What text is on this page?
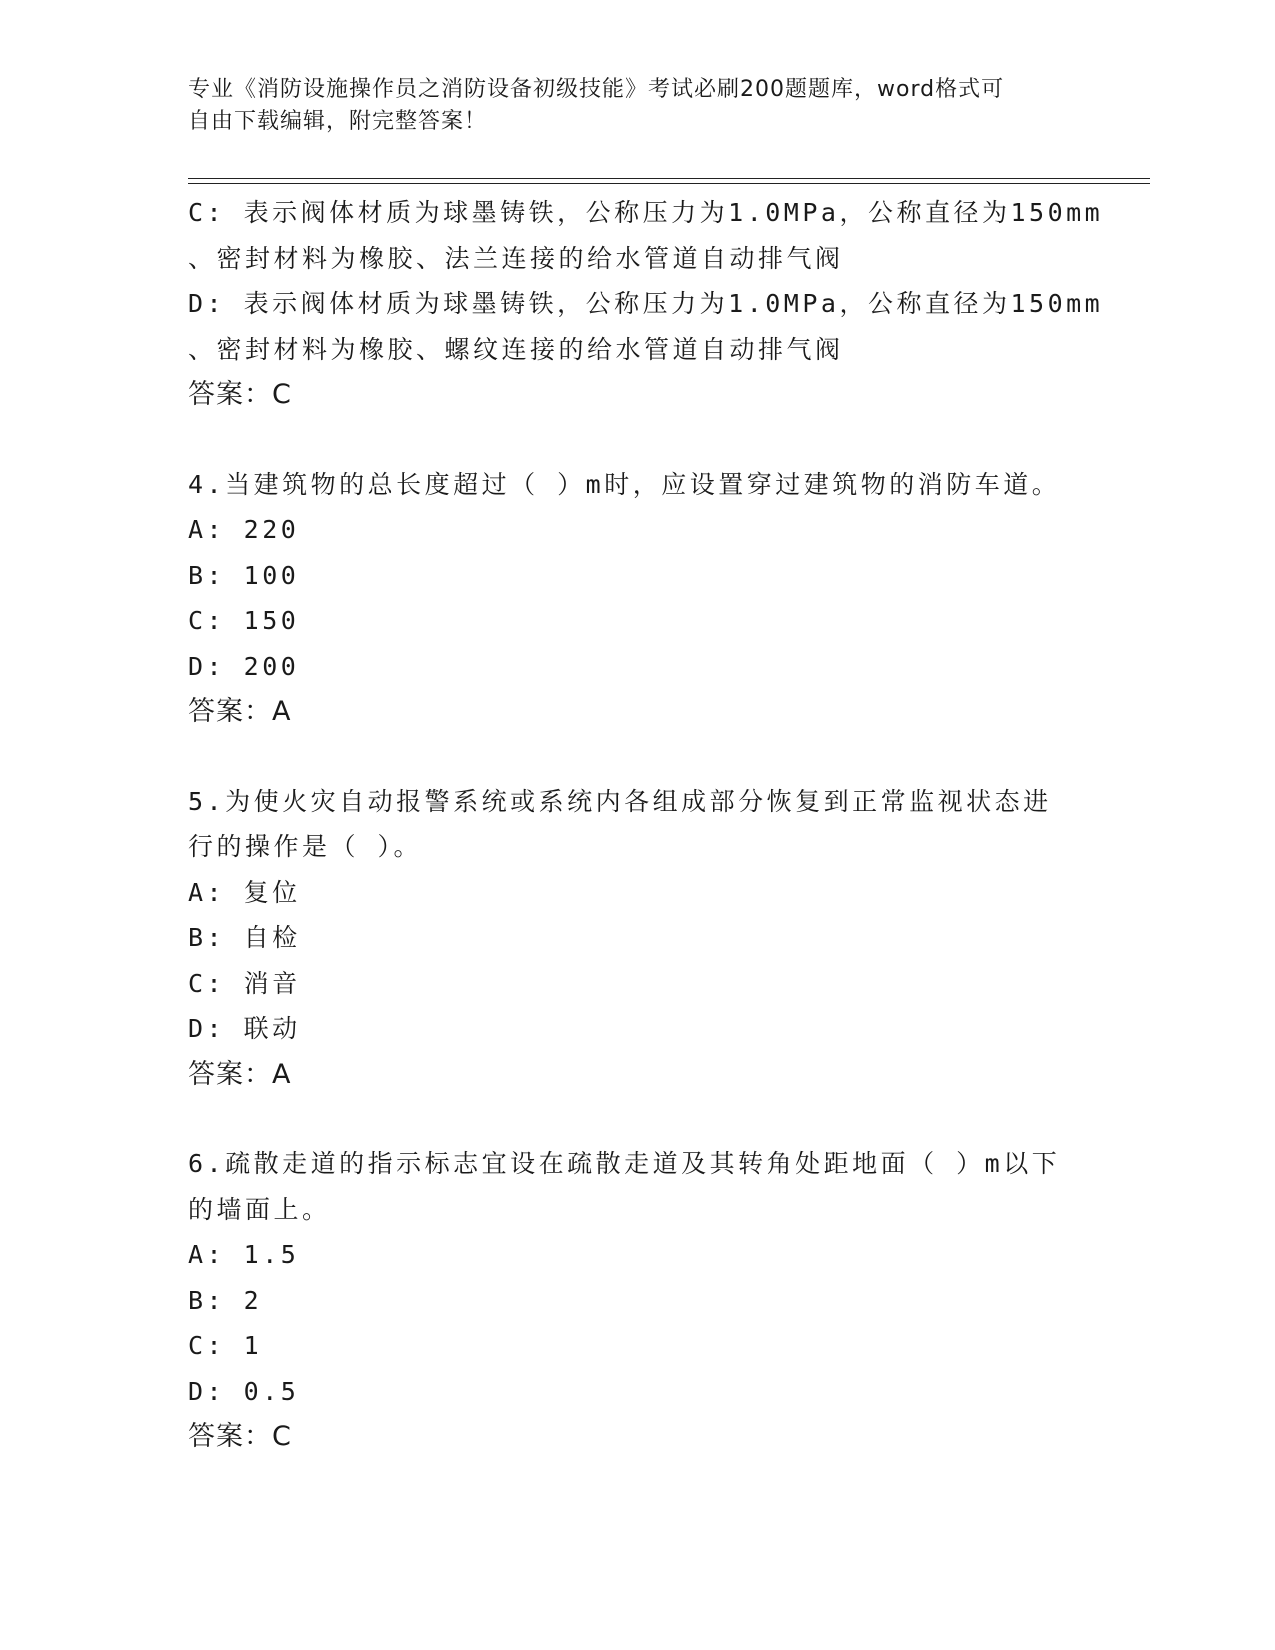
专业《消防设施操作员之消防设备初级技能》考试必刷200题题库，word格式可
自由下载编辑，附完整答案！
C: 表示阀体材质为球墨铸铁，公称压力为1.0MPa，公称直径为150mm
、密封材料为橡胶、法兰连接的给水管道自动排气阀
D: 表示阀体材质为球墨铸铁，公称压力为1.0MPa，公称直径为150mm
、密封材料为橡胶、螺纹连接的给水管道自动排气阀
答案：C
4.当建筑物的总长度超过（ ）m时，应设置穿过建筑物的消防车道。
A: 220
B: 100
C: 150
D: 200
答案：A
5.为使火灾自动报警系统或系统内各组成部分恢复到正常监视状态进
行的操作是（ ）。
A: 复位
B: 自检
C: 消音
D: 联动
答案：A
6.疏散走道的指示标志宜设在疏散走道及其转角处距地面（ ）m以下
的墙面上。
A: 1.5
B: 2
C: 1
D: 0.5
答案：C
